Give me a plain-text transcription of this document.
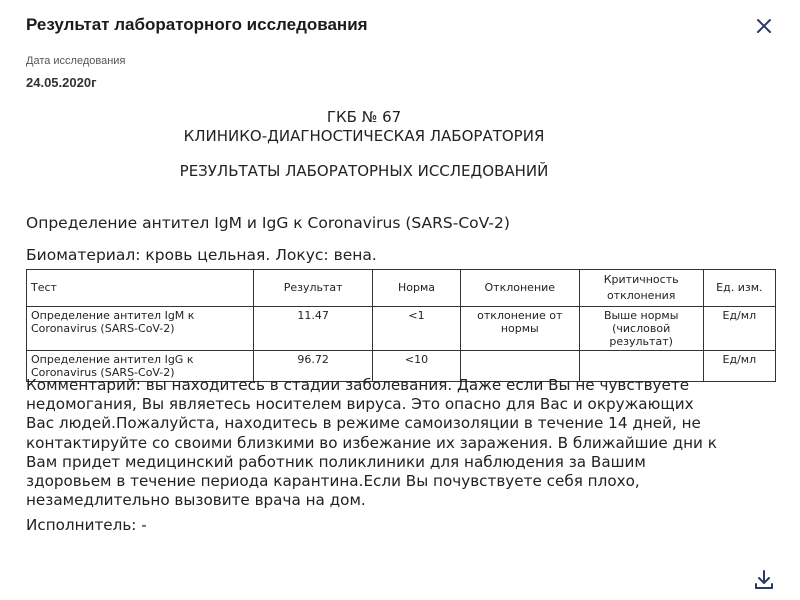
Результат лабораторного исследования
Дата исследования
24.05.2020г
ГКБ № 67
КЛИНИКО-ДИАГНОСТИЧЕСКАЯ ЛАБОРАТОРИЯ
РЕЗУЛЬТАТЫ ЛАБОРАТОРНЫХ ИССЛЕДОВАНИЙ
Определение антител IgM и IgG к Coronavirus (SARS-CoV-2)
Биоматериал: кровь цельная. Локус: вена.
Тест	Результат	Норма	Отклонение	Критичность отклонения	Ед. изм.
Определение антител IgM к Coronavirus (SARS-CoV-2)	11.47	<1	отклонение от нормы	Выше нормы (числовой результат)	Ед/мл
Определение антител IgG к Coronavirus (SARS-CoV-2)	96.72	<10			Ед/мл
Комментарий: вы находитесь в стадии заболевания. Даже если Вы не чувствуете
недомогания, Вы являетесь носителем вируса. Это опасно для Вас и окружающих
Вас людей.Пожалуйста, находитесь в режиме самоизоляции в течение 14 дней, не
контактируйте со своими близкими во избежание их заражения. В ближайшие дни к
Вам придет медицинский работник поликлиники для наблюдения за Вашим
здоровьем в течение периода карантина.Если Вы почувствуете себя плохо,
незамедлительно вызовите врача на дом.
Исполнитель: -
